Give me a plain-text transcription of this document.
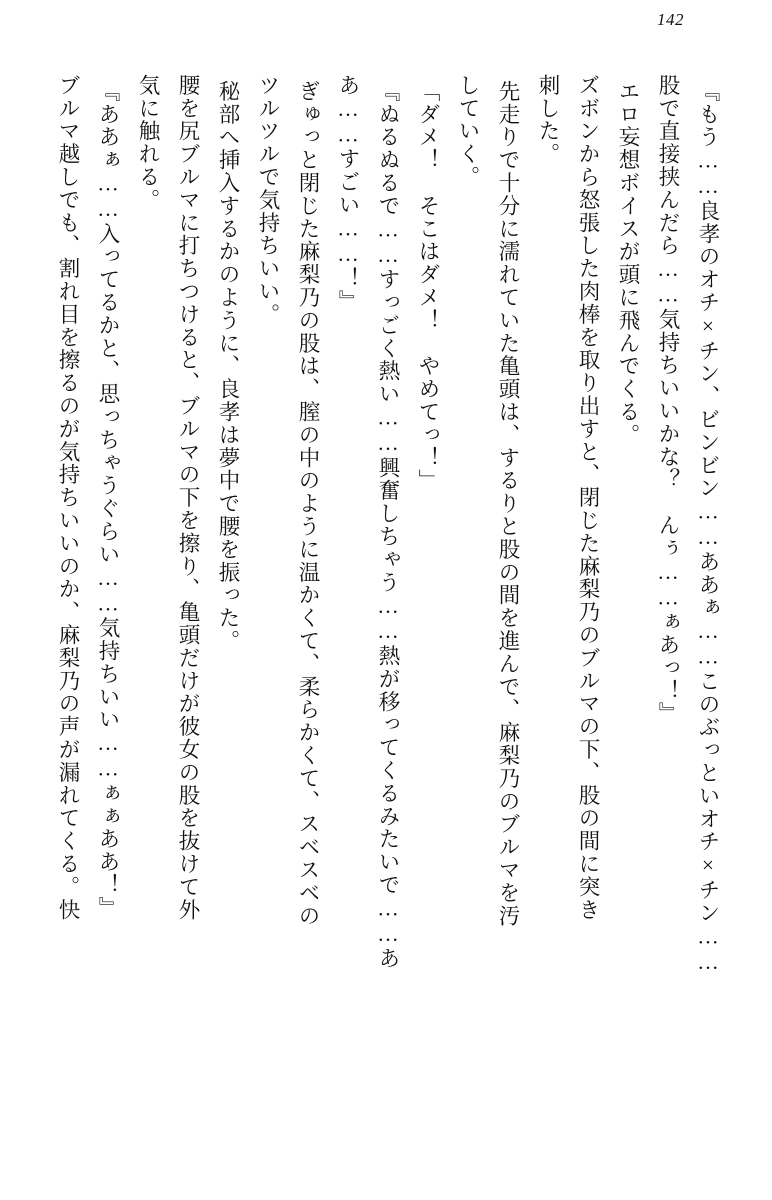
142
『もう……良孝のオチ×チン、ビンビン……ああぁ……このぶっといオチ×チン……
股で直接挟んだら……気持ちいいかな？　んぅ……ぁあっ！』
エロ妄想ボイスが頭に飛んでくる。
ズボンから怒張した肉棒を取り出すと、閉じた麻梨乃のブルマの下、股の間に突き
刺した。
先走りで十分に濡れていた亀頭は、するりと股の間を進んで、麻梨乃のブルマを汚
していく。
「ダメ！　そこはダメ！　やめてっ！」
『ぬるぬるで……すっごく熱い……興奮しちゃう……熱が移ってくるみたいで……あ
あ……すごい……！』
ぎゅっと閉じた麻梨乃の股は、膣の中のように温かくて、柔らかくて、スベスベの
ツルツルで気持ちいい。
秘部へ挿入するかのように、良孝は夢中で腰を振った。
腰を尻ブルマに打ちつけると、ブルマの下を擦り、亀頭だけが彼女の股を抜けて外
気に触れる。
『ああぁ……入ってるかと、思っちゃうぐらい……気持ちいい……ぁぁああ！』
ブルマ越しでも、割れ目を擦るのが気持ちいいのか、麻梨乃の声が漏れてくる。快
